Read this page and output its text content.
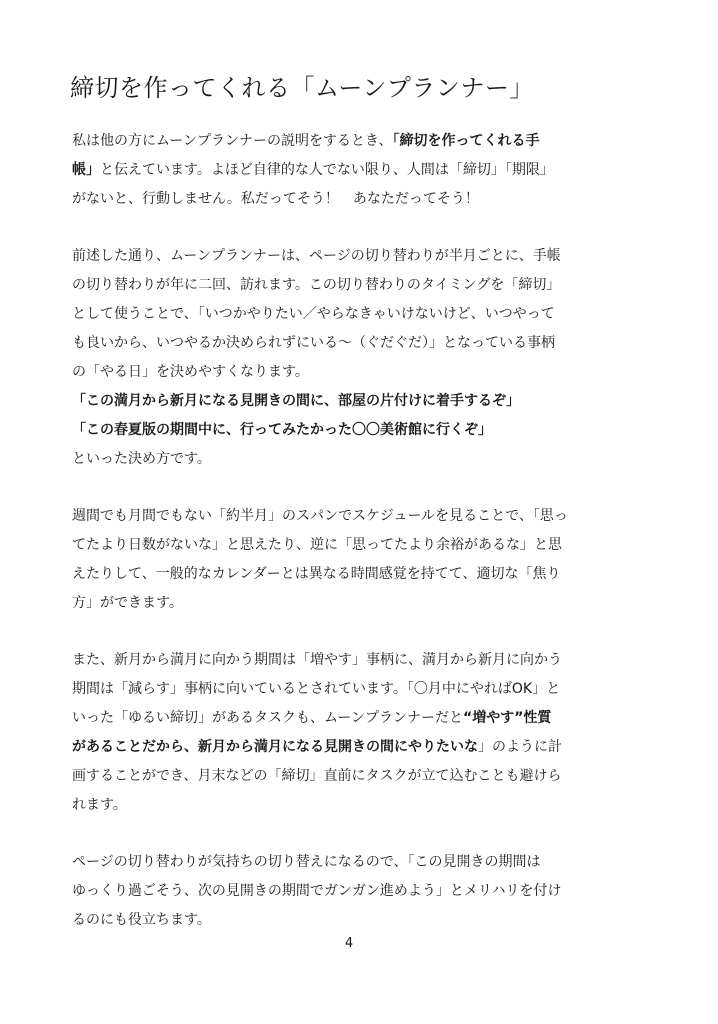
締切を作ってくれる「ムーンプランナー」
私は他の方にムーンプランナーの説明をするとき、「締切を作ってくれる手
帳」と伝えています。よほど自律的な人でない限り、人間は「締切」「期限」
がないと、行動しません。私だってそう！　あなただってそう！
前述した通り、ムーンプランナーは、ページの切り替わりが半月ごとに、手帳
の切り替わりが年に二回、訪れます。この切り替わりのタイミングを「締切」
として使うことで、「いつかやりたい／やらなきゃいけないけど、いつやって
も良いから、いつやるか決められずにいる～（ぐだぐだ）」となっている事柄
の「やる日」を決めやすくなります。
「この満月から新月になる見開きの間に、部屋の片付けに着手するぞ」
「この春夏版の期間中に、行ってみたかった〇〇美術館に行くぞ」
といった決め方です。
週間でも月間でもない「約半月」のスパンでスケジュールを見ることで、「思っ
てたより日数がないな」と思えたり、逆に「思ってたより余裕があるな」と思
えたりして、一般的なカレンダーとは異なる時間感覚を持てて、適切な「焦り
方」ができます。
また、新月から満月に向かう期間は「増やす」事柄に、満月から新月に向かう
期間は「減らす」事柄に向いているとされています。「〇月中にやればOK」と
いった「ゆるい締切」があるタスクも、ムーンプランナーだと“増やす”性質
があることだから、新月から満月になる見開きの間にやりたいな」のように計
画することができ、月末などの「締切」直前にタスクが立て込むことも避けら
れます。
ページの切り替わりが気持ちの切り替えになるので、「この見開きの期間は
ゆっくり過ごそう、次の見開きの期間でガンガン進めよう」とメリハリを付け
るのにも役立ちます。
4
